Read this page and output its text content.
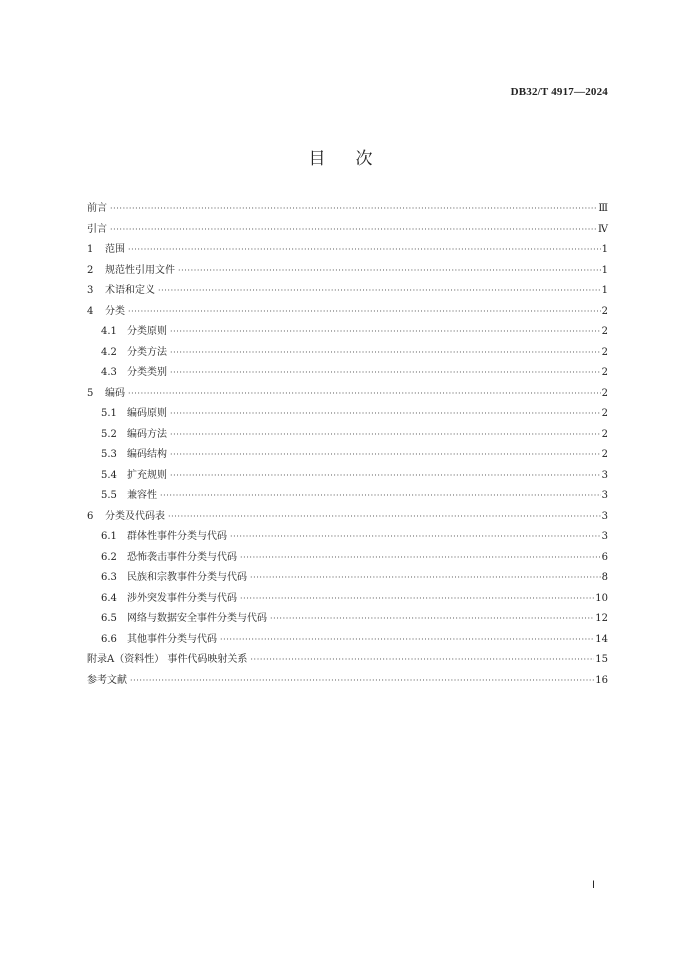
DB32/T 4917—2024
目次
前言 ·····	Ⅲ
引言 ·····	Ⅳ
1	范围 ·····	1
2	规范性引用文件 ·····	1
3	术语和定义 ·····	1
4	分类 ·····	2
4.1	分类原则 ·····	2
4.2	分类方法 ·····	2
4.3	分类类别 ·····	2
5	编码 ·····	2
5.1	编码原则 ·····	2
5.2	编码方法 ·····	2
5.3	编码结构 ·····	2
5.4	扩充规则 ·····	3
5.5	兼容性 ·····	3
6	分类及代码表 ·····	3
6.1	群体性事件分类与代码 ·····	3
6.2	恐怖袭击事件分类与代码 ·····	6
6.3	民族和宗教事件分类与代码 ·····	8
6.4	涉外突发事件分类与代码 ·····	10
6.5	网络与数据安全事件分类与代码 ·····	12
6.6	其他事件分类与代码 ·····	14
附录A（资料性） 事件代码映射关系 ·····	15
参考文献 ·····	16
Ⅰ
